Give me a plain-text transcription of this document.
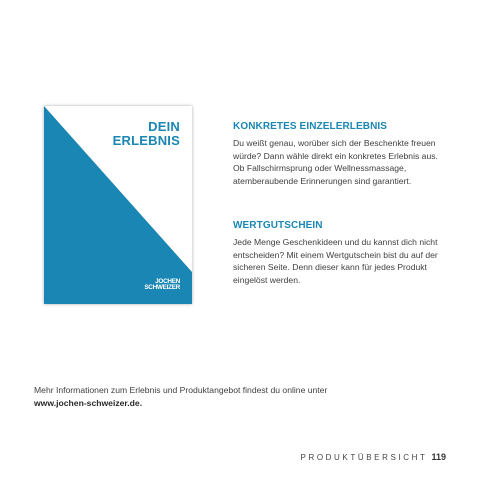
DEIN
ERLEBNIS
JOCHEN
SCHWEIZER
KONKRETES EINZELERLEBNIS

Du weißt genau, worüber sich der Beschenkte freuen würde? Dann wähle direkt ein konkretes Erlebnis aus. Ob Fallschirmsprung oder Wellnessmassage, atemberaubende Erinnerungen sind garantiert.

WERTGUTSCHEIN

Jede Menge Geschenkideen und du kannst dich nicht entscheiden? Mit einem Wertgutschein bist du auf der sicheren Seite. Denn dieser kann für jedes Produkt eingelöst werden.

Mehr Informationen zum Erlebnis und Produktangebot findest du online unter
www.jochen-schweizer.de.

PRODUKTÜBERSICHT 119
